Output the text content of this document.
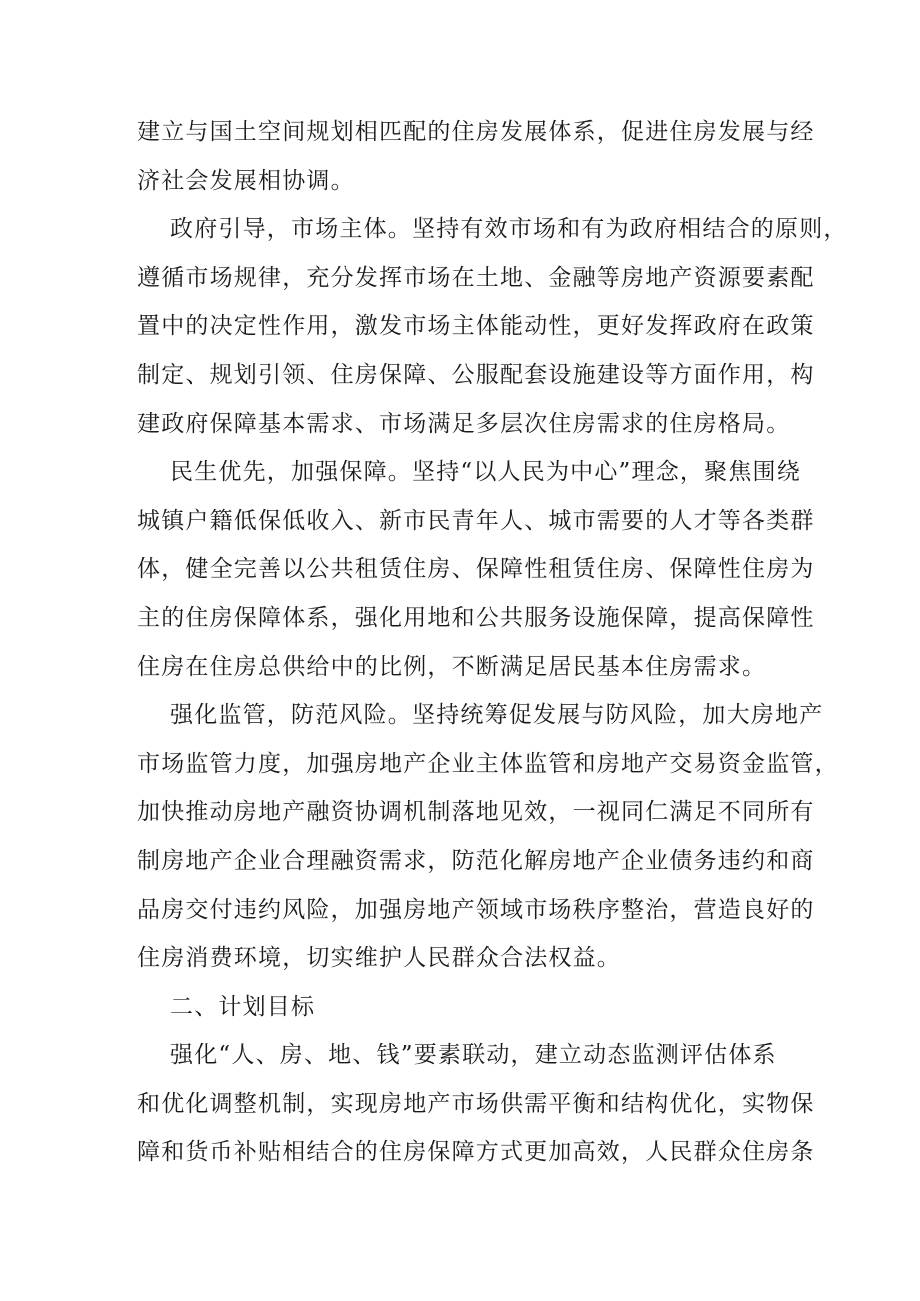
建立与国土空间规划相匹配的住房发展体系，促进住房发展与经
济社会发展相协调。
政府引导，市场主体。坚持有效市场和有为政府相结合的原则，
遵循市场规律，充分发挥市场在土地、金融等房地产资源要素配
置中的决定性作用，激发市场主体能动性，更好发挥政府在政策
制定、规划引领、住房保障、公服配套设施建设等方面作用，构
建政府保障基本需求、市场满足多层次住房需求的住房格局。
民生优先，加强保障。坚持“以人民为中心”理念，聚焦围绕
城镇户籍低保低收入、新市民青年人、城市需要的人才等各类群
体，健全完善以公共租赁住房、保障性租赁住房、保障性住房为
主的住房保障体系，强化用地和公共服务设施保障，提高保障性
住房在住房总供给中的比例，不断满足居民基本住房需求。
强化监管，防范风险。坚持统筹促发展与防风险，加大房地产
市场监管力度，加强房地产企业主体监管和房地产交易资金监管，
加快推动房地产融资协调机制落地见效，一视同仁满足不同所有
制房地产企业合理融资需求，防范化解房地产企业债务违约和商
品房交付违约风险，加强房地产领域市场秩序整治，营造良好的
住房消费环境，切实维护人民群众合法权益。
二、计划目标
强化“人、房、地、钱”要素联动，建立动态监测评估体系
和优化调整机制，实现房地产市场供需平衡和结构优化，实物保
障和货币补贴相结合的住房保障方式更加高效，人民群众住房条
